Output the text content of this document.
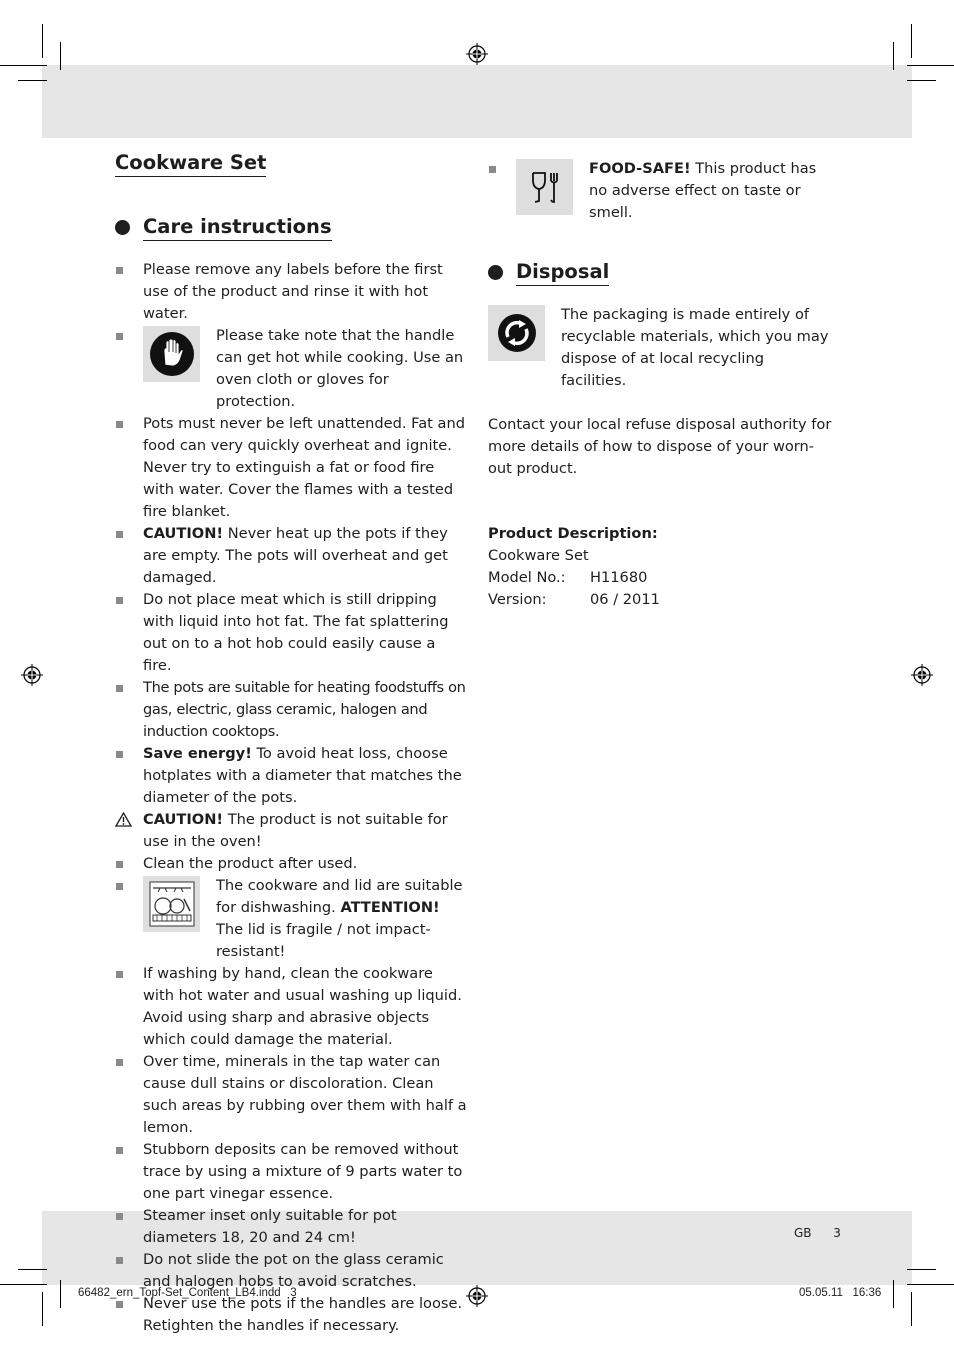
Cookware Set
Care instructions
Please remove any labels before the first use of the product and rinse it with hot water.
Please take note that the handle can get hot while cooking. Use an oven cloth or gloves for protection.
Pots must never be left unattended. Fat and food can very quickly overheat and ignite. Never try to extinguish a fat or food fire with water. Cover the flames with a tested fire blanket.
CAUTION! Never heat up the pots if they are empty. The pots will overheat and get damaged.
Do not place meat which is still dripping with liquid into hot fat. The fat splattering out on to a hot hob could easily cause a fire.
The pots are suitable for heating foodstuffs on gas, electric, glass ceramic, halogen and induction cooktops.
Save energy! To avoid heat loss, choose hotplates with a diameter that matches the diameter of the pots.
CAUTION! The product is not suitable for use in the oven!
Clean the product after used.
The cookware and lid are suitable for dishwashing. ATTENTION! The lid is fragile / not impact-resistant!
If washing by hand, clean the cookware with hot water and usual washing up liquid. Avoid using sharp and abrasive objects which could damage the material.
Over time, minerals in the tap water can cause dull stains or discoloration. Clean such areas by rubbing over them with half a lemon.
Stubborn deposits can be removed without trace by using a mixture of 9 parts water to one part vinegar essence.
Steamer inset only suitable for pot diameters 18, 20 and 24 cm!
Do not slide the pot on the glass ceramic and halogen hobs to avoid scratches.
Never use the pots if the handles are loose. Retighten the handles if necessary.
FOOD-SAFE! This product has no adverse effect on taste or smell.
Disposal
The packaging is made entirely of recyclable materials, which you may dispose of at local recycling facilities.

Contact your local refuse disposal authority for more details of how to dispose of your worn-out product.

Product Description:
Cookware Set
Model No.: H11680
Version:	06 / 2011
GB 3
66482_ern_Topf-Set_Content_LB4.indd   3	05.05.11   16:36
